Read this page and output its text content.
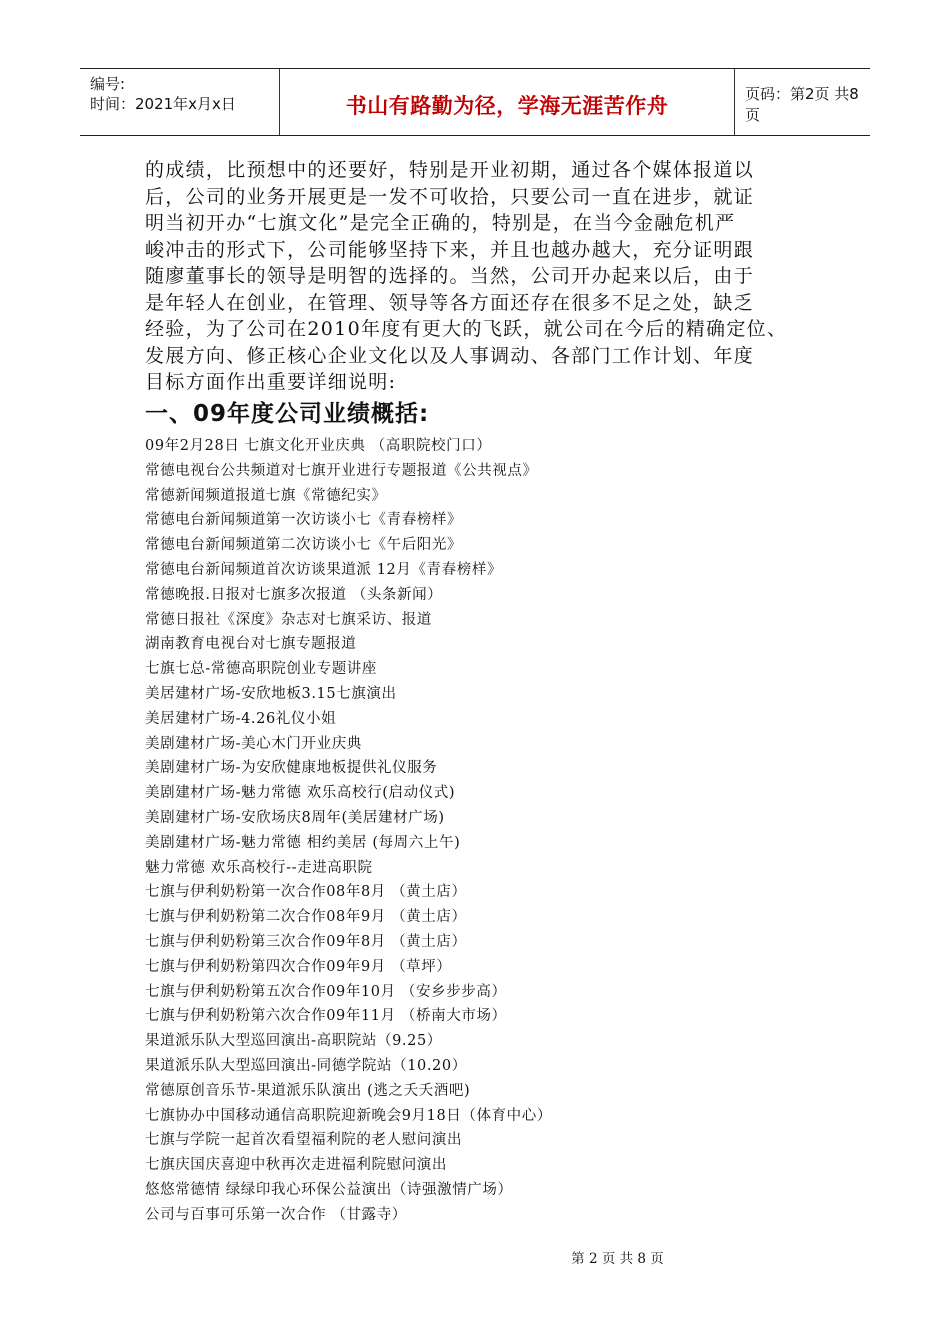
编号:
时间：2021年x月x日	书山有路勤为径，学海无涯苦作舟	页码：第2页 共8页
的成绩，比预想中的还要好，特别是开业初期，通过各个媒体报道以
后，公司的业务开展更是一发不可收拾，只要公司一直在进步，就证
明当初开办“七旗文化”是完全正确的，特别是，在当今金融危机严
峻冲击的形式下，公司能够坚持下来，并且也越办越大，充分证明跟
随廖董事长的领导是明智的选择的。当然，公司开办起来以后，由于
是年轻人在创业，在管理、领导等各方面还存在很多不足之处，缺乏
经验，为了公司在2010年度有更大的飞跃，就公司在今后的精确定位、
发展方向、修正核心企业文化以及人事调动、各部门工作计划、年度
目标方面作出重要详细说明:
一、09年度公司业绩概括:
09年2月28日 七旗文化开业庆典 （高职院校门口）
常德电视台公共频道对七旗开业进行专题报道《公共视点》
常德新闻频道报道七旗《常德纪实》
常德电台新闻频道第一次访谈小七《青春榜样》
常德电台新闻频道第二次访谈小七《午后阳光》
常德电台新闻频道首次访谈果道派 12月《青春榜样》
常德晚报.日报对七旗多次报道 （头条新闻）
常德日报社《深度》杂志对七旗采访、报道
湖南教育电视台对七旗专题报道
七旗七总-常德高职院创业专题讲座
美居建材广场-安欣地板3.15七旗演出
美居建材广场-4.26礼仪小姐
美剧建材广场-美心木门开业庆典
美剧建材广场-为安欣健康地板提供礼仪服务
美剧建材广场-魅力常德 欢乐高校行(启动仪式)
美剧建材广场-安欣场庆8周年(美居建材广场)
美剧建材广场-魅力常德 相约美居 (每周六上午)
魅力常德 欢乐高校行--走进高职院
七旗与伊利奶粉第一次合作08年8月 （黄土店）
七旗与伊利奶粉第二次合作08年9月 （黄土店）
七旗与伊利奶粉第三次合作09年8月 （黄土店）
七旗与伊利奶粉第四次合作09年9月 （草坪）
七旗与伊利奶粉第五次合作09年10月 （安乡步步高）
七旗与伊利奶粉第六次合作09年11月 （桥南大市场）
果道派乐队大型巡回演出-高职院站（9.25）
果道派乐队大型巡回演出-同德学院站（10.20）
常德原创音乐节-果道派乐队演出 (逃之夭夭酒吧)
七旗协办中国移动通信高职院迎新晚会9月18日（体育中心）
七旗与学院一起首次看望福利院的老人慰问演出
七旗庆国庆喜迎中秋再次走进福利院慰问演出
悠悠常德情 绿绿印我心环保公益演出（诗强激情广场）
公司与百事可乐第一次合作 （甘露寺）
第 2 页 共 8 页
